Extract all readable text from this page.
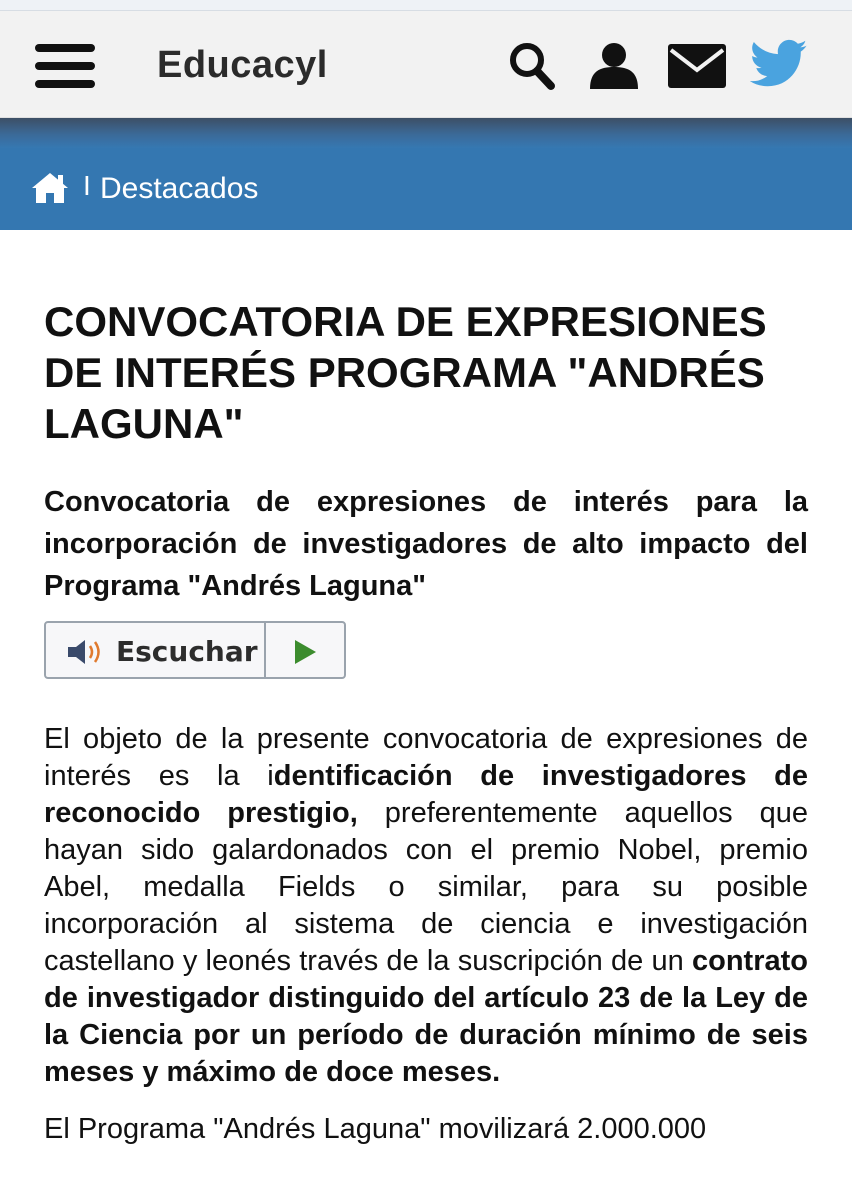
Educacyl
I Destacados
CONVOCATORIA DE EXPRESIONES DE INTERÉS PROGRAMA "ANDRÉS LAGUNA"

Convocatoria de expresiones de interés para la incorporación de investigadores de alto impacto del Programa "Andrés Laguna"

Escuchar
El objeto de la presente convocatoria de expresiones de interés es la identificación de investigadores de reconocido prestigio, preferentemente aquellos que hayan sido galardonados con el premio Nobel, premio Abel, medalla Fields o similar, para su posible incorporación al sistema de ciencia e investigación castellano y leonés través de la suscripción de un contrato de investigador distinguido del artículo 23 de la Ley de la Ciencia por un período de duración mínimo de seis meses y máximo de doce meses.
El Programa "Andrés Laguna" movilizará 2.000.000
